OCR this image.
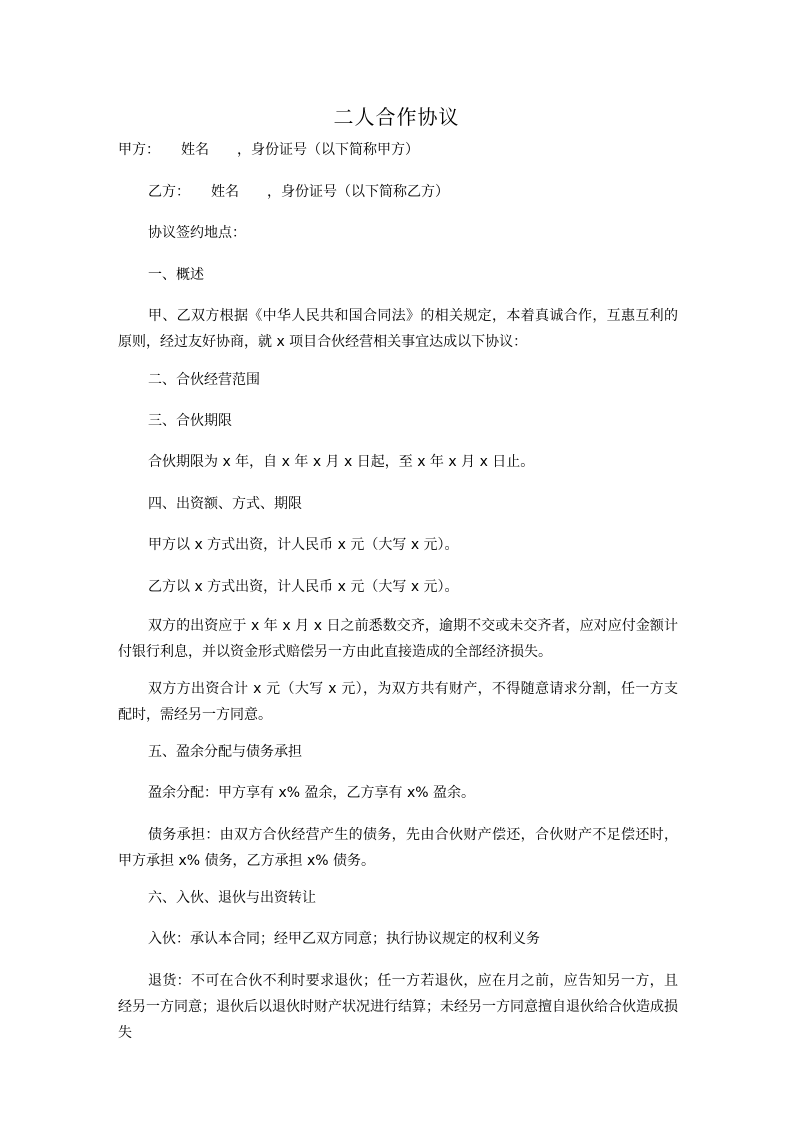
二人合作协议
甲方：　　姓名　　，身份证号（以下简称甲方）
乙方：　　姓名　　，身份证号（以下简称乙方）
协议签约地点：
一、概述
甲、乙双方根据《中华人民共和国合同法》的相关规定，本着真诚合作，互惠互利的原则，经过友好协商，就 x 项目合伙经营相关事宜达成以下协议：
二、合伙经营范围
三、合伙期限
合伙期限为 x 年，自 x 年 x 月 x 日起，至 x 年 x 月 x 日止。
四、出资额、方式、期限
甲方以 x 方式出资，计人民币 x 元（大写 x 元）。
乙方以 x 方式出资，计人民币 x 元（大写 x 元）。
双方的出资应于 x 年 x 月 x 日之前悉数交齐，逾期不交或未交齐者，应对应付金额计付银行利息，并以资金形式赔偿另一方由此直接造成的全部经济损失。
双方方出资合计 x 元（大写 x 元），为双方共有财产，不得随意请求分割，任一方支配时，需经另一方同意。
五、盈余分配与债务承担
盈余分配：甲方享有 x% 盈余，乙方享有 x% 盈余。
债务承担：由双方合伙经营产生的债务，先由合伙财产偿还，合伙财产不足偿还时，甲方承担 x% 债务，乙方承担 x% 债务。
六、入伙、退伙与出资转让
入伙：承认本合同；经甲乙双方同意；执行协议规定的权利义务
退货：不可在合伙不利时要求退伙；任一方若退伙，应在月之前，应告知另一方，且经另一方同意；退伙后以退伙时财产状况进行结算；未经另一方同意擅自退伙给合伙造成损失
